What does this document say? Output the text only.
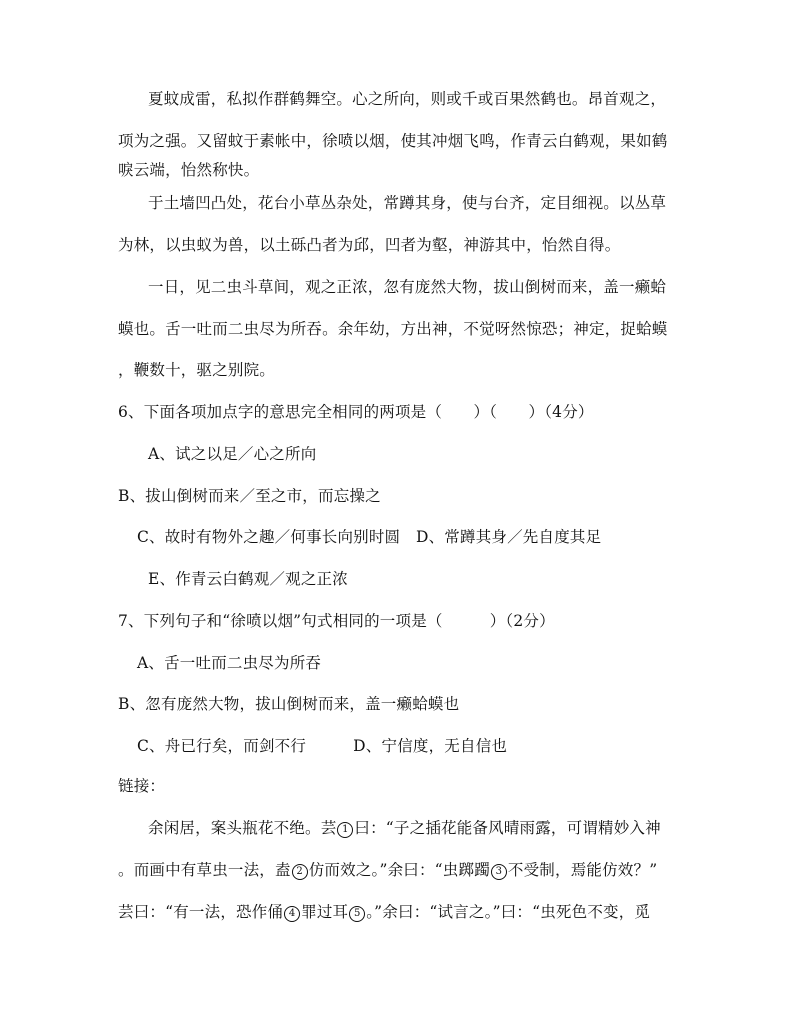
夏蚊成雷，私拟作群鹤舞空。心之所向，则或千或百果然鹤也。昂首观之，
项为之强。又留蚊于素帐中，徐喷以烟，使其冲烟飞鸣，作青云白鹤观，果如鹤
唳云端，怡然称快。
于土墙凹凸处，花台小草丛杂处，常蹲其身，使与台齐，定目细视。以丛草
为林，以虫蚁为兽，以土砾凸者为邱，凹者为壑，神游其中，怡然自得。
一日，见二虫斗草间，观之正浓，忽有庞然大物，拔山倒树而来，盖一癞蛤
蟆也。舌一吐而二虫尽为所吞。余年幼，方出神，不觉呀然惊恐；神定，捉蛤蟆
，鞭数十，驱之别院。
6、下面各项加点字的意思完全相同的两项是（　　）（　　）（4分）
A、试之以足／心之所向
B、拔山倒树而来／至之市，而忘操之
C、故时有物外之趣／何事长向别时圆　D、常蹲其身／先自度其足
E、作青云白鹤观／观之正浓
7、下列句子和“徐喷以烟”句式相同的一项是（　　　）（2分）
A、舌一吐而二虫尽为所吞
B、忽有庞然大物，拔山倒树而来，盖一癞蛤蟆也
C、舟已行矣，而剑不行　　　D、宁信度，无自信也
链接：
余闲居，案头瓶花不绝。芸 1 曰：“子之插花能备风晴雨露，可谓精妙入神
。而画中有草虫一法，盍 2 仿而效之。”余曰：“虫踯躅 3 不受制，焉能仿效？”
芸曰：“有一法，恐作俑 4 罪过耳 5 。”余曰：“试言之。”曰：“虫死色不变，觅
